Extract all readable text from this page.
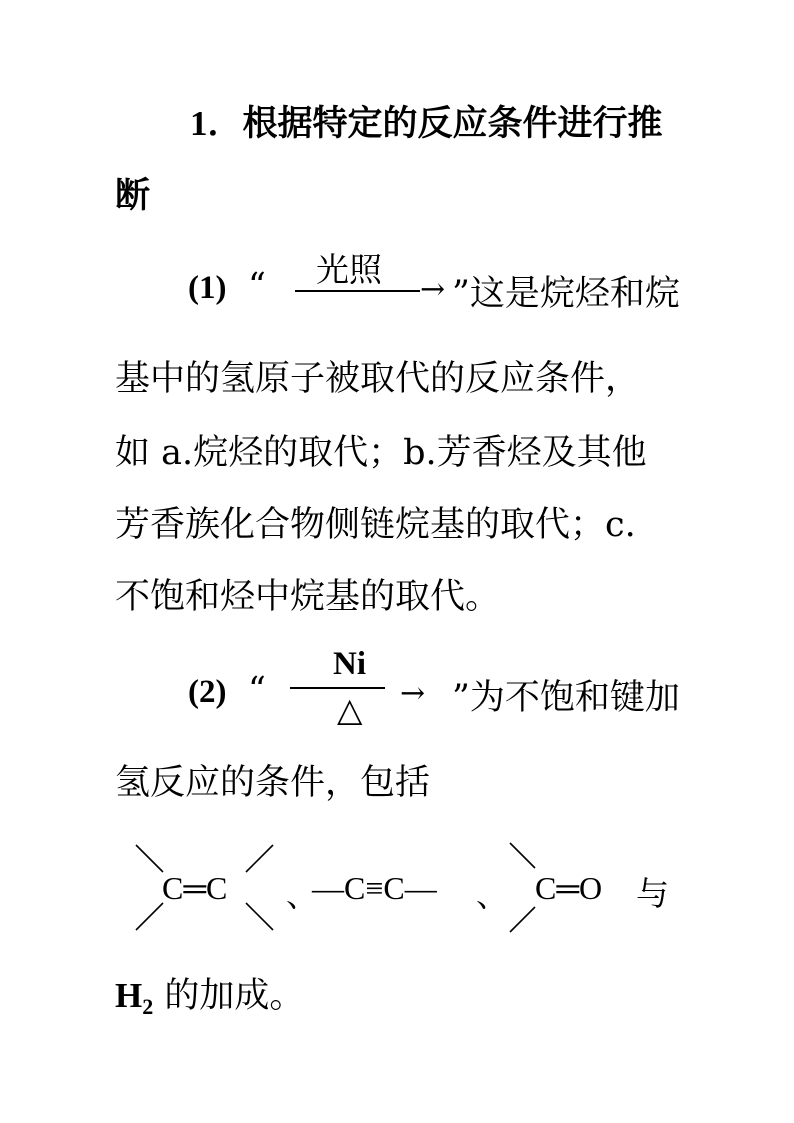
1．根据特定的反应条件进行推
断
(1) “ 光照
→ ”这是烷烃和烷
基中的氢原子被取代的反应条件，
如 a.烷烃的取代；b.芳香烃及其他
芳香族化合物侧链烷基的取代；c.
不饱和烃中烷基的取代。
(2) “
Ni
△ → ”为不饱和键加
氢反应的条件，包括
C═C 、
—C≡C— 、 C═O 与
$H_2$ 的加成。
